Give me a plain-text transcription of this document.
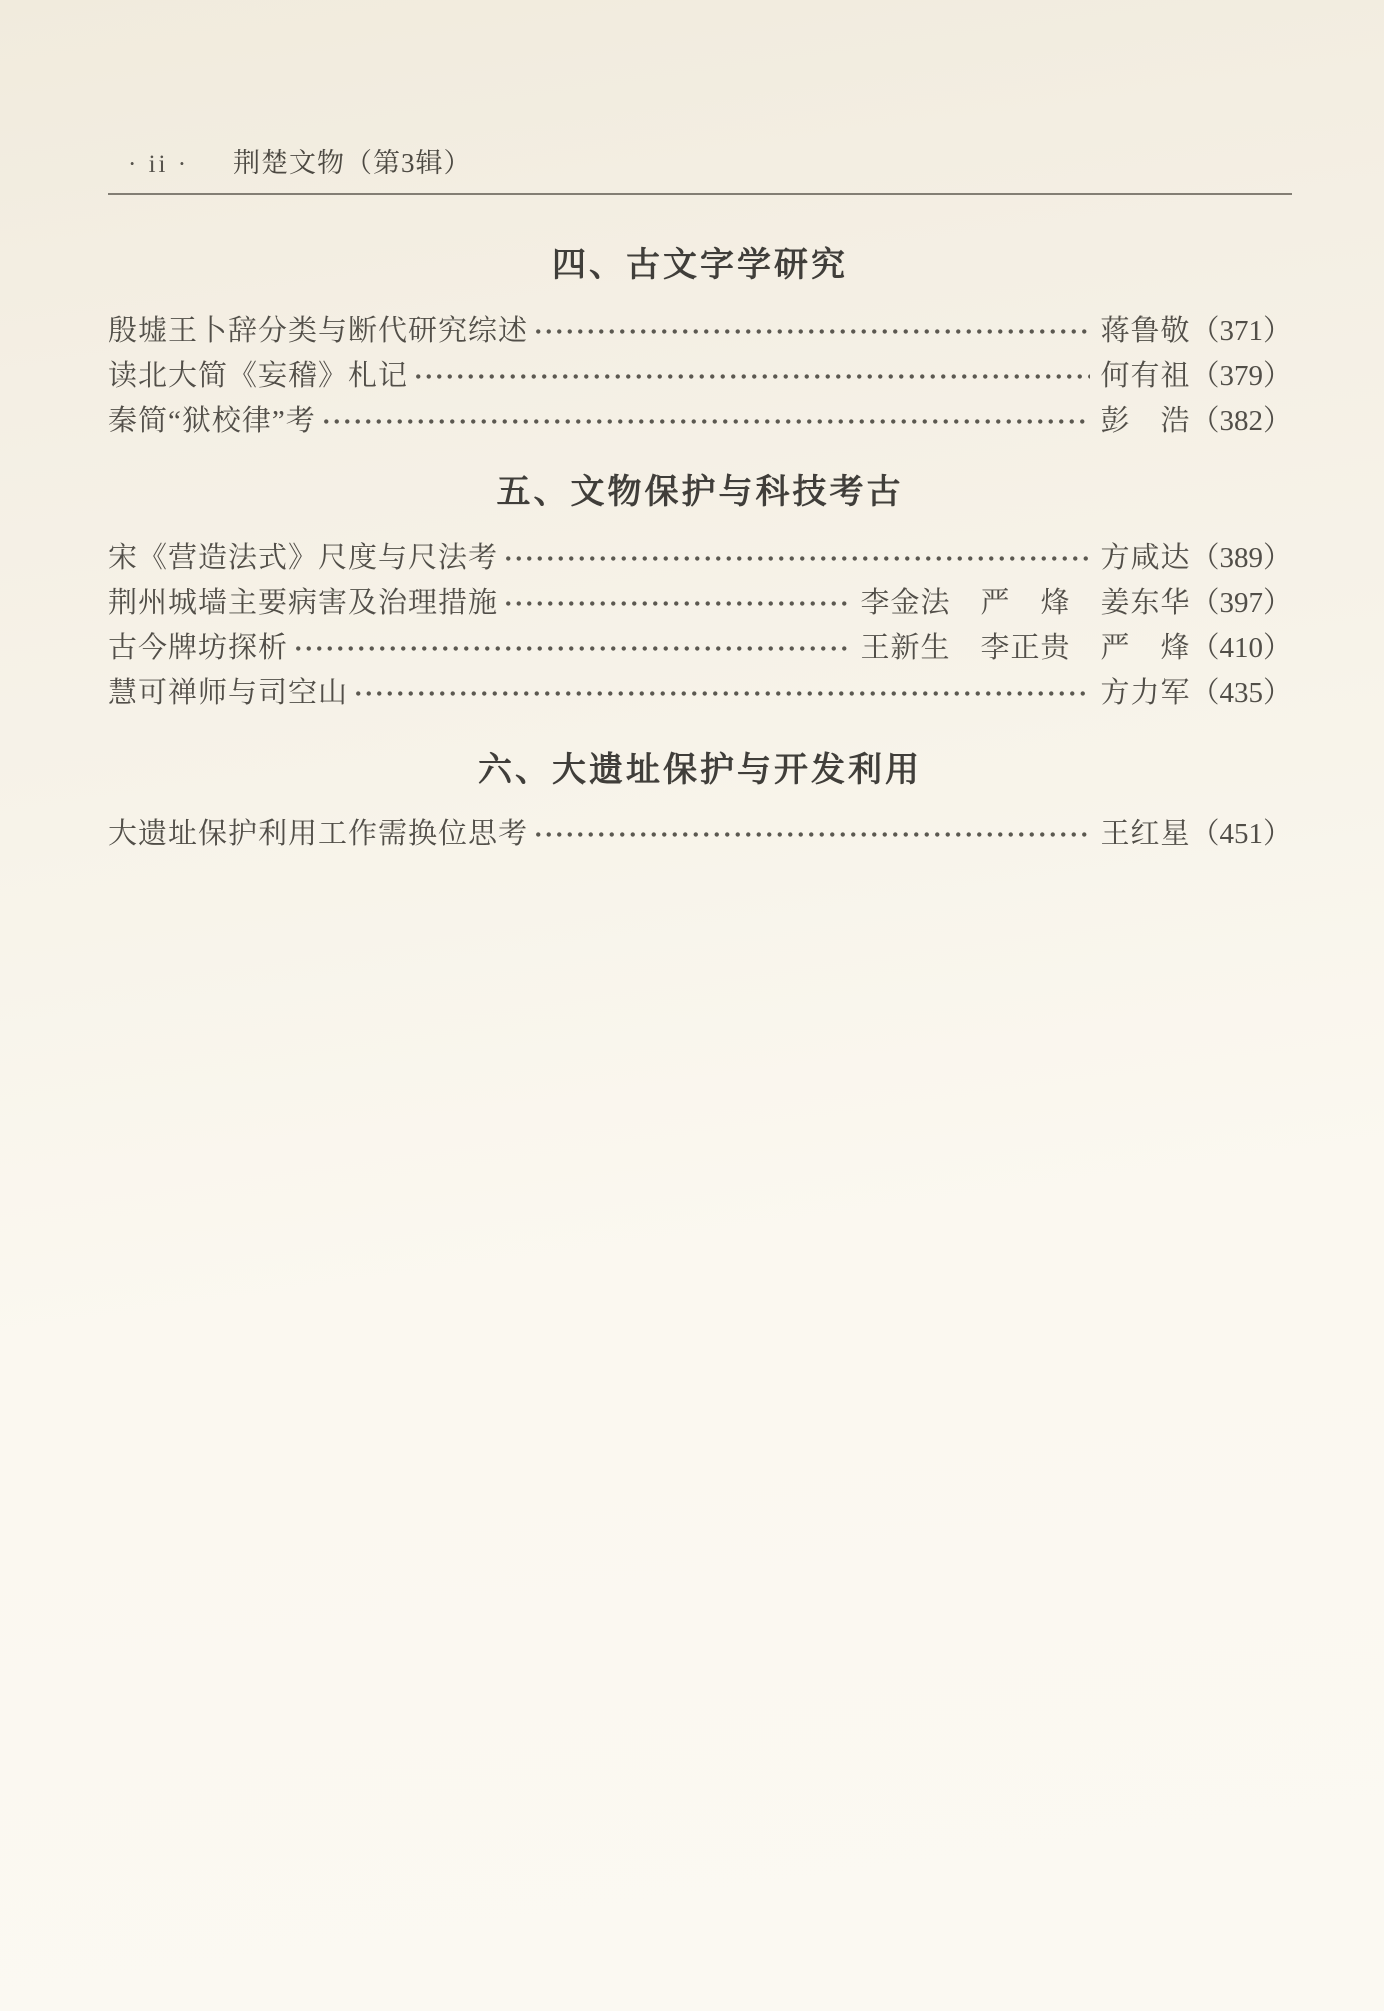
· ii · 荆楚文物（第3辑）
四、古文字学研究
殷墟王卜辞分类与断代研究综述	蒋鲁敬 （371）
读北大简《妄稽》札记	何有祖 （379）
秦简“狱校律”考	彭　浩 （382）
五、文物保护与科技考古
宋《营造法式》尺度与尺法考	方咸达 （389）
荆州城墙主要病害及治理措施	李金法　严　烽　姜东华 （397）
古今牌坊探析	王新生　李正贵　严　烽 （410）
慧可禅师与司空山	方力军 （435）
六、大遗址保护与开发利用
大遗址保护利用工作需换位思考	王红星 （451）
